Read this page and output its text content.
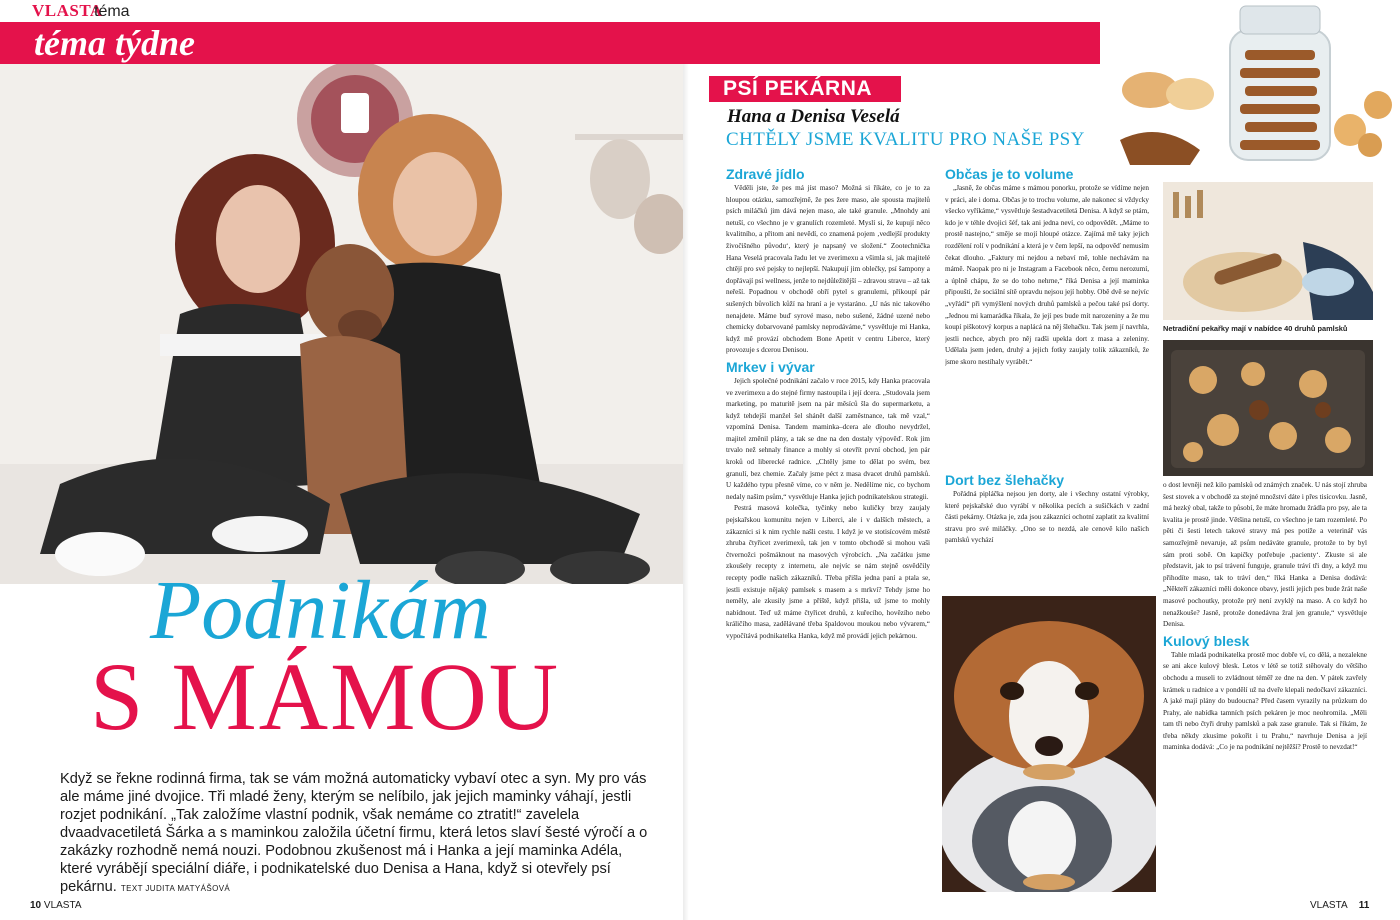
VLASTA
téma
téma týdne
Podnikám
S MÁMOU
Když se řekne rodinná firma, tak se vám možná automaticky vybaví otec a syn. My pro vás ale máme jiné dvojice. Tři mladé ženy, kterým se nelíbilo, jak jejich maminky váhají, jestli rozjet podnikání. „Tak založíme vlastní podnik, však nemáme co ztratit!“ zavelela dvaadvacetiletá Šárka a s maminkou založila účetní firmu, která letos slaví šesté výročí a o zakázky rozhodně nemá nouzi. Podobnou zkušenost má i Hanka a její maminka Adéla, které vyrábějí speciální diáře, i podnikatelské duo Denisa a Hana, když si otevřely psí pekárnu. TEXT JUDITA MATYÁŠOVÁ
10 VLASTA
PSÍ PEKÁRNA
Hana a Denisa Veselá
CHTĚLY JSME KVALITU PRO NAŠE PSY
Netradiční pekařky mají v nabídce 40 druhů pamlsků
Zdravé jídlo

Věděli jste, že pes má jíst maso? Možná si říkáte, co je to za hloupou otázku, samozřejmě, že pes žere maso, ale spousta majitelů psích miláčků jim dává nejen maso, ale také granule. „Mnohdy ani netuší, co všechno je v granulích rozemleté. Myslí si, že kupují něco kvalitního, a přitom ani nevědí, co znamená pojem ‚vedlejší produkty živočišného původu‘, který je napsaný ve složení.“ Zootechnička Hana Veselá pracovala řadu let ve zverimexu a všimla si, jak majitelé chtějí pro své pejsky to nejlepší. Nakupují jim oblečky, psí šampony a dopřávají psí wellness, jenže to nejdůležitější – zdravou stravu – až tak neřeší. Popadnou v obchodě obří pytel s granulemi, přikoupí pár sušených bůvolích kůží na hraní a je vystaráno. „U nás nic takového nenajdete. Máme buď syrové maso, nebo sušené, žádné uzené nebo chemicky dobarvované pamlsky neprodáváme,“ vysvětluje mi Hanka, když mě provází obchodem Bone Apetit v centru Liberce, který provozuje s dcerou Denisou.

Mrkev i vývar

Jejich společné podnikání začalo v roce 2015, kdy Hanka pracovala ve zverimexu a do stejné firmy nastoupila i její dcera. „Studovala jsem marketing, po maturitě jsem na pár měsíců šla do supermarketu, a když tehdejší manžel šel shánět další zaměstnance, tak mě vzal,“ vzpomíná Denisa. Tandem maminka–dcera ale dlouho nevydržel, majitel změnil plány, a tak se dne na den dostaly výpověď. Rok jim trvalo než sehnaly finance a mohly si otevřít první obchod, jen pár kroků od liberecké radnice. „Chtěly jsme to dělat po svém, bez granulí, bez chemie. Začaly jsme péct z masa dvacet druhů pamlsků. U každého typu přesně víme, co v něm je. Nedělíme nic, co bychom nedaly našim psům,“ vysvětluje Hanka jejich podnikatelskou strategii.

Pestrá masová kolečka, tyčinky nebo kuličky brzy zaujaly pejskařskou komunitu nejen v Liberci, ale i v dalších městech, a zákazníci si k nim rychle našli cestu. I když je ve stotisícovém městě zhruba čtyřicet zverimexů, tak jen v tomto obchodě si mohou vaši čtvernožci pošmáknout na masových výrobcích. „Na začátku jsme zkoušely recepty z internetu, ale nejvíc se nám stejně osvědčily recepty podle našich zákazníků. Třeba přišla jedna paní a ptala se, jestli existuje nějaký pamlsek s masem a s mrkví? Tehdy jsme ho neměly, ale zkusily jsme a příště, když přišla, už jsme to mohly nabídnout. Teď už máme čtyřicet druhů, z kuřecího, hovězího nebo králičího masa, zadělávané třeba špaldovou moukou nebo vývarem,“ vypočítává podnikatelka Hanka, když mě provádí jejich pekárnou.

Občas je to volume

„Jasně, že občas máme s mámou ponorku, protože se vídíme nejen v práci, ale i doma. Občas je to trochu volume, ale nakonec si vždycky všecko vyříkáme,“ vysvětluje šestadvacetiletá Denisa. A když se ptám, kdo je v téhle dvojici šéf, tak ani jedna neví, co odpovědět. „Máme to prostě nastejno,“ směje se mojí hloupé otázce. Zajímá mě taky jejich rozdělení rolí v podnikání a která je v čem lepší, na odpověď nemusím čekat dlouho. „Faktury mi nejdou a nebaví mě, tohle nechávám na mámě. Naopak pro ni je Instagram a Facebook něco, čemu nerozumí, a úplně chápu, že se do toho nehrne,“ říká Denisa a její maminka připouští, že sociální sítě opravdu nejsou její hobby. Obě dvě se nejvíc „vyřádí“ při vymýšlení nových druhů pamlsků a pečou také psí dorty. „Jednou mi kamarádka říkala, že její pes bude mít narozeniny a že mu koupí piškotový korpus a naplácá na něj šlehačku. Tak jsem jí navrhla, jestli nechce, abych pro něj radši upekla dort z masa a zeleniny. Udělala jsem jeden, druhý a jejich fotky zaujaly tolik zákazníků, že jsme skoro nestíhaly vyrábět.“

Dort bez šlehačky

Pořádná pipláčka nejsou jen dorty, ale i všechny ostatní výrobky, které pejskařské duo vyrábí v několika pecích a sušičkách v zadní části pekárny. Otázka je, zda jsou zákazníci ochotní zaplatit za kvalitní stravu pro své miláčky. „Ono se to nezdá, ale cenově kilo našich pamlsků vychází

o dost levněji než kilo pamlsků od známých značek. U nás stojí zhruba šest stovek a v obchodě za stejné množství dáte i přes tisícovku. Jasně, má hezký obal, takže to působí, že máte hromadu žrádla pro psy, ale ta kvalita je prostě jinde. Většina netuší, co všechno je tam rozemleté. Po pěti či šesti letech takové stravy má pes potíže a veterinář vás samozřejmě nevaruje, až psům nedáváte granule, protože to by byl sám proti sobě. On kapičky potřebuje ‚pacienty‘. Zkuste si ale představit, jak to psí trávení funguje, granule tráví tři dny, a když mu přihodíte maso, tak to tráví den,“ říká Hanka a Denisa dodává: „Někteří zákazníci měli dokonce obavy, jestli jejich pes bude žrát naše masové pochoutky, protože prý není zvyklý na maso. A co když ho nenažkouše? Jasně, protože donedávna žral jen granule,“ vysvětluje Denisa.

Kulový blesk

Tahle mladá podnikatelka prostě moc dobře ví, co dělá, a nezalekne se ani akce kulový blesk. Letos v létě se totiž stěhovaly do většího obchodu a museli to zvládnout téměř ze dne na den. V pátek zavřely krámek u radnice a v pondělí už na dveře klepali nedočkaví zákazníci. A jaké mají plány do budoucna? Před časem vyrazily na průzkum do Prahy, ale nabídka tamních psích pekáren je moc neohromila. „Měli tam tři nebo čtyři druhy pamlsků a pak zase granule. Tak si říkám, že třeba někdy zkusíme pokořit i tu Prahu,“ navrhuje Denisa a její maminka dodává: „Co je na podnikání nejtěžší? Prostě to nevzdat!“

VLASTA 11
